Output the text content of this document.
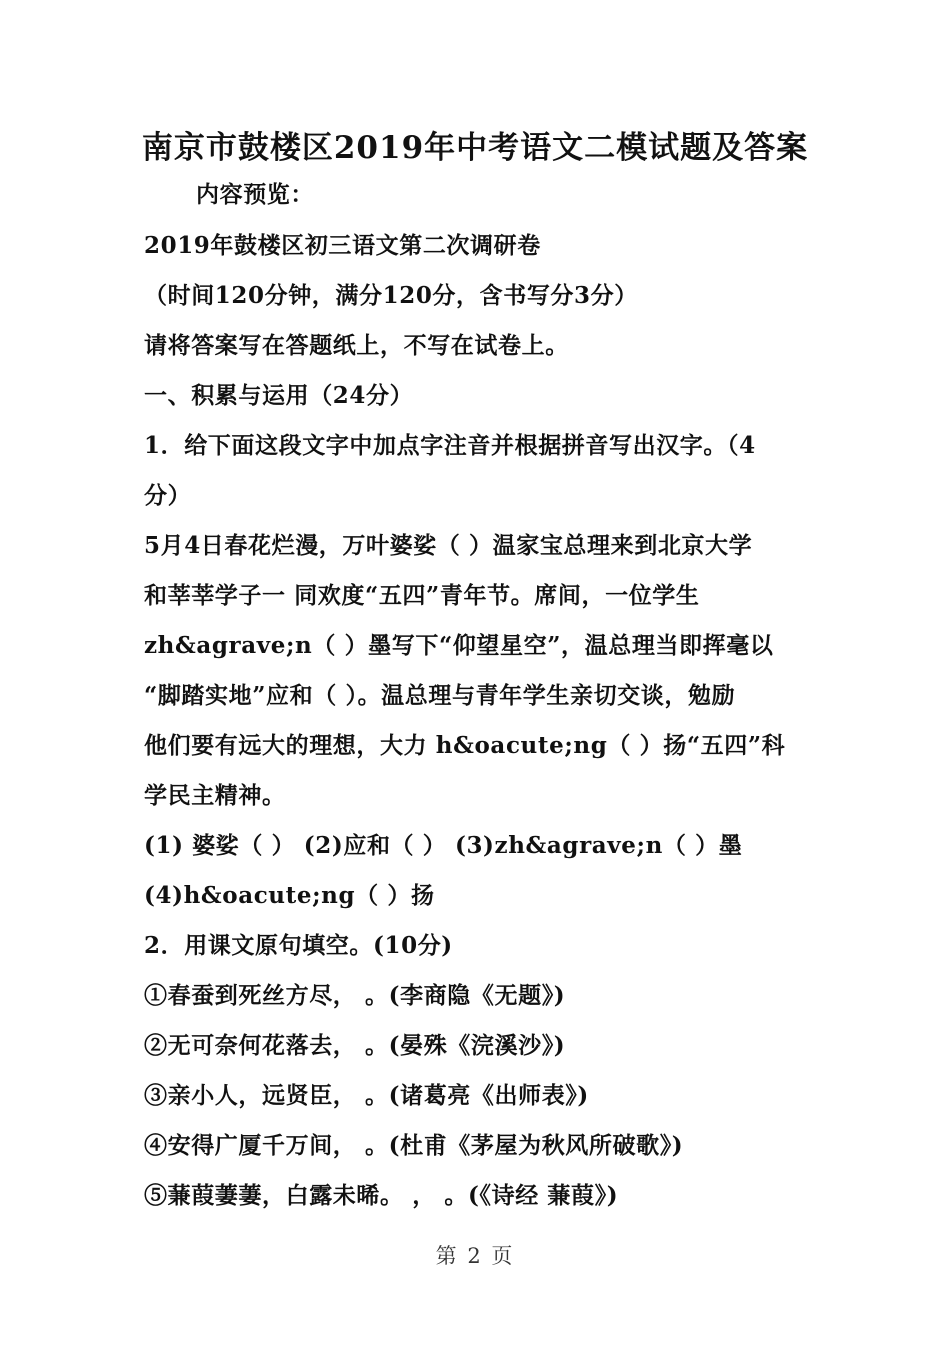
南京市鼓楼区2019年中考语文二模试题及答案
内容预览：
2019年鼓楼区初三语文第二次调研卷
（时间120分钟，满分120分，含书写分3分）
请将答案写在答题纸上，不写在试卷上。
一、积累与运用（24分）
1．给下面这段文字中加点字注音并根据拼音写出汉字。（4
分）
5月4日春花烂漫，万叶婆娑（ ）温家宝总理来到北京大学
和莘莘学子一 同欢度“五四”青年节。席间，一位学生
zh&agrave;n（ ）墨写下“仰望星空”，温总理当即挥毫以
“脚踏实地”应和（ ）。温总理与青年学生亲切交谈，勉励
他们要有远大的理想，大力 h&oacute;ng（ ）扬“五四”科
学民主精神。
(1) 婆娑（ ） (2)应和（ ） (3)zh&agrave;n（ ）墨
(4)h&oacute;ng（ ）扬
2．用课文原句填空。(10分)
①春蚕到死丝方尽， 。(李商隐《无题》)
②无可奈何花落去， 。(晏殊《浣溪沙》)
③亲小人，远贤臣， 。(诸葛亮《出师表》)
④安得广厦千万间， 。(杜甫《茅屋为秋风所破歌》)
⑤蒹葭萋萋，白露未晞。 ， 。(《诗经 蒹葭》)
第 2 页
